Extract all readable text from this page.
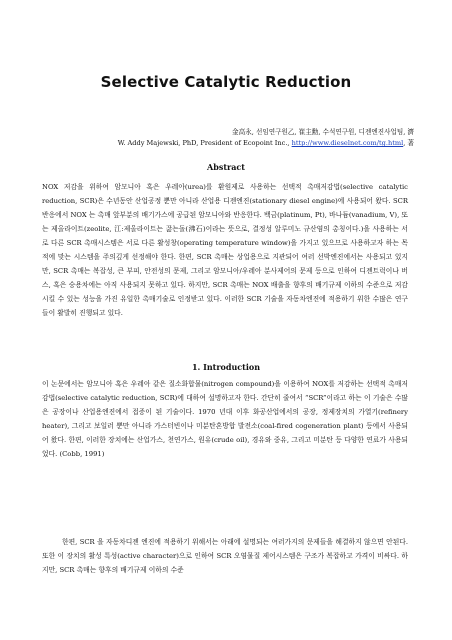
Selective Catalytic Reduction
金高永, 선임연구원乙, 崔主勳, 수석연구원, 디젠엔진사업팀, 濟
W. Addy Majewski, PhD, President of Ecopoint Inc., http://www.dieselnet.com/tg.html, 著
Abstract

NOX 저감을 위하여 암모니아 혹은 우레아(urea)를 환원제로 사용하는 선택적 촉매저감법(selective catalytic reduction, SCR)은 수년동안 산업공정 뿐만 아니라 산업용 디젠엔진(stationary diesel engine)에 사용되어 왔다. SCR 반응에서 NOX 는 촉매 앞부분의 배기가스에 공급된 암모니아와 반응한다. 백금(platinum, Pt), 바나듐(vanadium, V), 또는 제올라이트(zeolite, 江:제올라이트는 끓는돌(沸石)이라는 뜻으로, 결정성 알루미노 규산염의 총칭이다.)을 사용하는 서로 다른 SCR 촉매시스템은 서로 다른 활성창(operating temperature window)을 가지고 있으므로 사용하고자 하는 목적에 맞는 시스템을 주의깊게 선정해야 한다. 한편, SCR 촉매는 상업용으로 지관되어 여러 선박엔진에서는 사용되고 있지만, SCR 촉매는 복잡성, 큰 부피, 안전성의 문제, 그리고 암모니아/우레아 분사제어의 문제 등으로 인하여 디젠트럭이나 버스, 혹은 승용차에는 아직 사용되지 못하고 있다. 하지만, SCR 촉매는 NOX 배출을 향후의 배기규제 이하의 수준으로 저감시킬 수 있는 성능을 가진 유일한 촉매기술로 인정받고 있다. 이러한 SCR 기술을 자동차엔진에 적용하기 위한 수많은 연구들이 활발히 진행되고 있다.

1. Introduction

이 논문에서는 암모니아 혹은 우레아 같은 질소화합물(nitrogen compound)을 이용하여 NOX를 저감하는 선택적 촉매저감법(selective catalytic reduction, SCR)에 대하여 설명하고자 한다. 간단히 줄여서 “SCR”이라고 하는 이 기술은 수많은 공장이나 산업용엔진에서 접증이 된 기술이다. 1970 년대 이후 화공산업에서의 공장, 정제장치의 가열기(refinery heater), 그리고 보일러 뿐만 아니라 가스터빈이나 미분탄혼방합 발전소(coal-fired cogeneration plant) 등에서 사용되어 왔다. 한편, 이러한 장치에는 산업가스, 천연가스, 원유(crude oil), 경유와 중유, 그리고 미분탄 등 다양한 연료가 사용되었다. (Cobb, 1991)

한편, SCR 을 자동차디젠 엔진에 적용하기 위해서는 아래에 설명되는 여러가지의 문제들을 해결하지 않으면 안된다. 또한 이 장치의 활성 특성(active character)으로 인하여 SCR 오염물질 제어시스템은 구조가 복잡하고 가격이 비싸다. 하지만, SCR 촉매는 향후의 배기규제 이하의 수준
